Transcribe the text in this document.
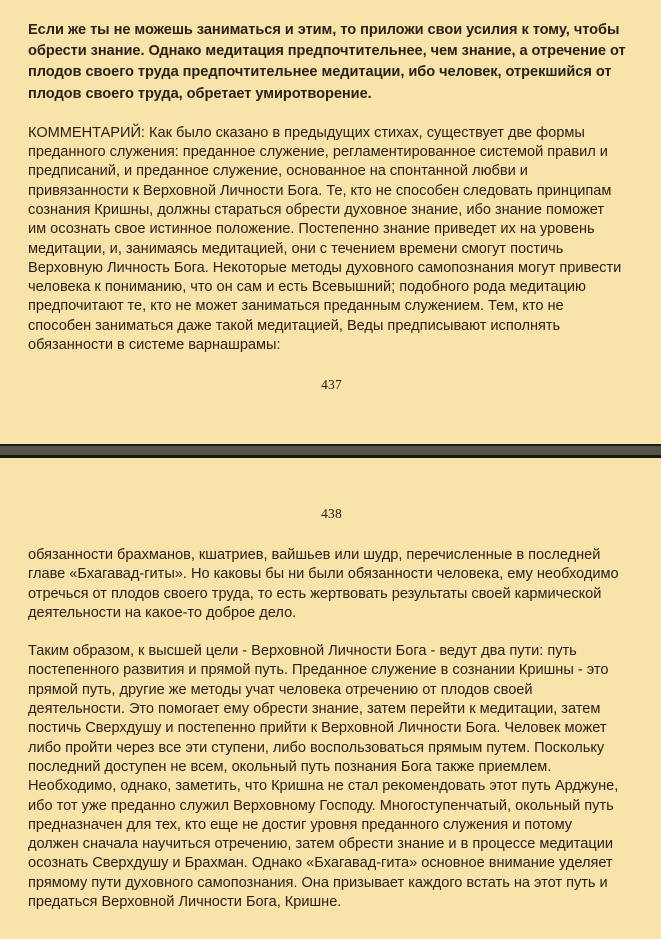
Если же ты не можешь заниматься и этим, то приложи свои усилия к тому, чтобы обрести знание. Однако медитация предпочтительнее, чем знание, а отречение от плодов своего труда предпочтительнее медитации, ибо человек, отрекшийся от плодов своего труда, обретает умиротворение.

КОММЕНТАРИЙ: Как было сказано в предыдущих стихах, существует две формы преданного служения: преданное служение, регламентированное системой правил и предписаний, и преданное служение, основанное на спонтанной любви и привязанности к Верховной Личности Бога. Те, кто не способен следовать принципам сознания Кришны, должны стараться обрести духовное знание, ибо знание поможет им осознать свое истинное положение. Постепенно знание приведет их на уровень медитации, и, занимаясь медитацией, они с течением времени смогут постичь Верховную Личность Бога. Некоторые методы духовного самопознания могут привести человека к пониманию, что он сам и есть Всевышний; подобного рода медитацию предпочитают те, кто не может заниматься преданным служением. Тем, кто не способен заниматься даже такой медитацией, Веды предписывают исполнять обязанности в системе варнашрамы:

437
438

обязанности брахманов, кшатриев, вайшьев или шудр, перечисленные в последней главе «Бхагавад-гиты». Но каковы бы ни были обязанности человека, ему необходимо отречься от плодов своего труда, то есть жертвовать результаты своей кармической деятельности на какое-то доброе дело.

Таким образом, к высшей цели - Верховной Личности Бога - ведут два пути: путь постепенного развития и прямой путь. Преданное служение в сознании Кришны - это прямой путь, другие же методы учат человека отречению от плодов своей деятельности. Это помогает ему обрести знание, затем перейти к медитации, затем постичь Сверхдушу и постепенно прийти к Верховной Личности Бога. Человек может либо пройти через все эти ступени, либо воспользоваться прямым путем. Поскольку последний доступен не всем, окольный путь познания Бога также приемлем. Необходимо, однако, заметить, что Кришна не стал рекомендовать этот путь Арджуне, ибо тот уже преданно служил Верховному Господу. Многоступенчатый, окольный путь предназначен для тех, кто еще не достиг уровня преданного служения и потому должен сначала научиться отречению, затем обрести знание и в процессе медитации осознать Сверхдушу и Брахман. Однако «Бхагавад-гита» основное внимание уделяет прямому пути духовного самопознания. Она призывает каждого встать на этот путь и предаться Верховной Личности Бога, Кришне.
